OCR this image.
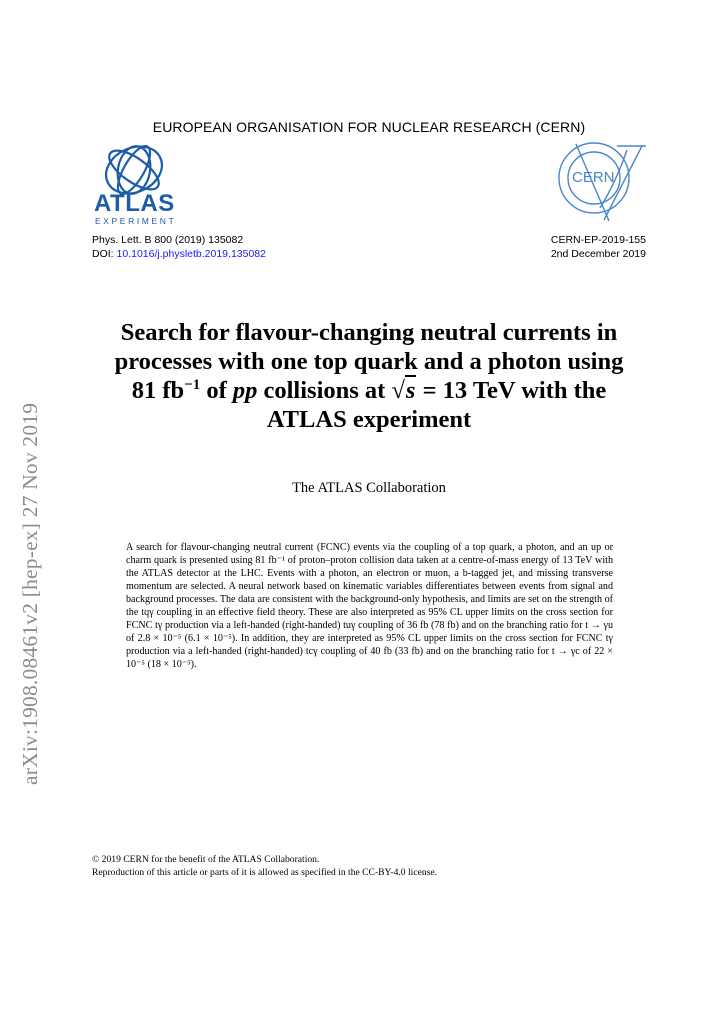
arXiv:1908.08461v2 [hep-ex] 27 Nov 2019
EUROPEAN ORGANISATION FOR NUCLEAR RESEARCH (CERN)
ATLAS
EXPERIMENT
CERN
Phys. Lett. B 800 (2019) 135082
DOI: 10.1016/j.physletb.2019.135082
CERN-EP-2019-155
2nd December 2019
Search for flavour-changing neutral currents in
processes with one top quark and a photon using
81 $fb^{-1}$ of pp collisions at √s = 13 TeV with the
ATLAS experiment
The ATLAS Collaboration

A search for flavour-changing neutral current (FCNC) events via the coupling of a top quark, a photon, and an up or charm quark is presented using 81 fb⁻¹ of proton–proton collision data taken at a centre-of-mass energy of 13 TeV with the ATLAS detector at the LHC. Events with a photon, an electron or muon, a b-tagged jet, and missing transverse momentum are selected. A neural network based on kinematic variables differentiates between events from signal and background processes. The data are consistent with the background-only hypothesis, and limits are set on the strength of the tqγ coupling in an effective field theory. These are also interpreted as 95% CL upper limits on the cross section for FCNC tγ production via a left-handed (right-handed) tuγ coupling of 36 fb (78 fb) and on the branching ratio for t → γu of 2.8 × 10⁻⁵ (6.1 × 10⁻⁵). In addition, they are interpreted as 95% CL upper limits on the cross section for FCNC tγ production via a left-handed (right-handed) tcγ coupling of 40 fb (33 fb) and on the branching ratio for t → γc of 22 × 10⁻⁵ (18 × 10⁻⁵).

© 2019 CERN for the benefit of the ATLAS Collaboration.

Reproduction of this article or parts of it is allowed as specified in the CC-BY-4.0 license.
